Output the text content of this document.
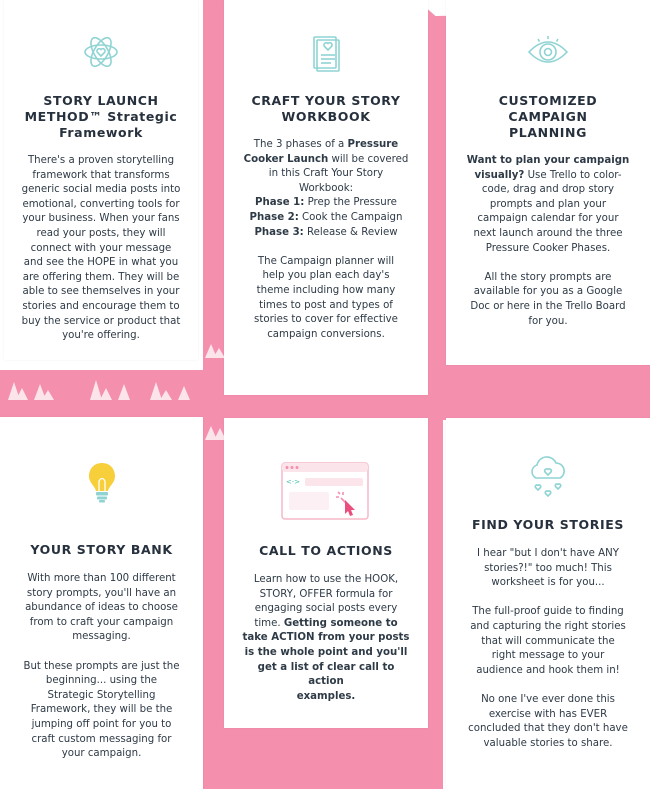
STORY LAUNCH
METHOD™ Strategic
Framework

There's a proven storytelling

framework that transforms

generic social media posts into

emotional, converting tools for

your business. When your fans

read your posts, they will

connect with your message

and see the HOPE in what you

are offering them. They will be

able to see themselves in your

stories and encourage them to

buy the service or product that

you're offering.

CRAFT YOUR STORY
WORKBOOK

The 3 phases of a Pressure

Cooker Launch will be covered

in this Craft Your Story

Workbook:

Phase 1: Prep the Pressure

Phase 2: Cook the Campaign

Phase 3: Release & Review

The Campaign planner will

help you plan each day's

theme including how many

times to post and types of

stories to cover for effective

campaign conversions.

CUSTOMIZED
CAMPAIGN
PLANNING

Want to plan your campaign

visually? Use Trello to color-

code, drag and drop story

prompts and plan your

campaign calendar for your

next launch around the three

Pressure Cooker Phases.

All the story prompts are

available for you as a Google

Doc or here in the Trello Board

for you.

YOUR STORY BANK

With more than 100 different

story prompts, you'll have an

abundance of ideas to choose

from to craft your campaign

messaging.

But these prompts are just the

beginning... using the

Strategic Storytelling

Framework, they will be the

jumping off point for you to

craft custom messaging for

your campaign.

<·>
CALL TO ACTIONS

Learn how to use the HOOK,

STORY, OFFER formula for

engaging social posts every

time. Getting someone to

take ACTION from your posts

is the whole point and you'll

get a list of clear call to action

examples.

FIND YOUR STORIES

I hear "but I don't have ANY

stories?!" too much! This

worksheet is for you...

The full-proof guide to finding

and capturing the right stories

that will communicate the

right message to your

audience and hook them in!

No one I've ever done this

exercise with has EVER

concluded that they don't have

valuable stories to share.
